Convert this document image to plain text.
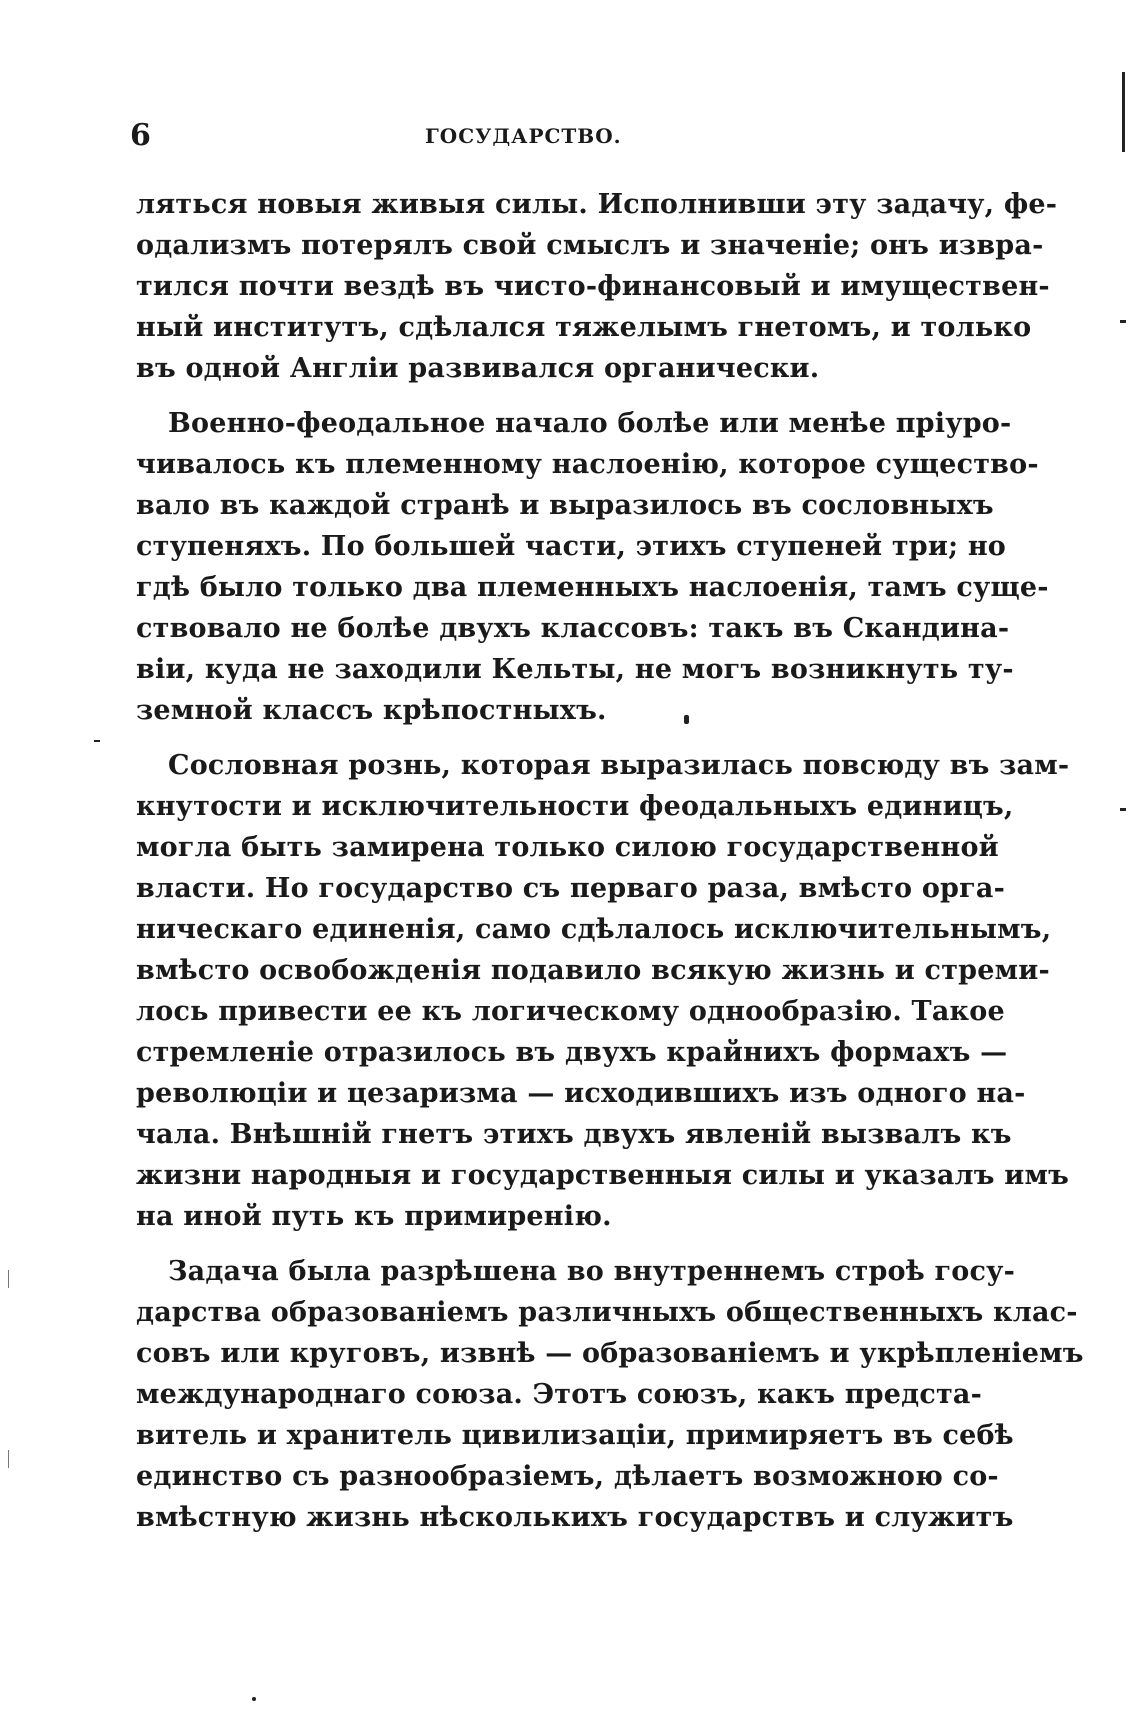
6	ГОСУДАРСТВО.
ляться новыя живыя силы. Исполнивши эту задачу, фе-
одализмъ потерялъ свой смыслъ и значеніе; онъ изврa-
тился почти вездѣ въ чисто-финансовый и имуществен-
ный институтъ, сдѣлался тяжелымъ гнетомъ, и только
въ одной Англіи развивался органически.
Военно-феодальное начало болѣе или менѣе пріуро-
чивалось къ племенному наслоенію, которое существо-
вало въ каждой странѣ и выразилось въ сословныхъ
ступеняхъ. По большей части, этихъ ступеней три; но
гдѣ было только два племенныхъ наслоенія, тамъ суще-
ствовало не болѣе двухъ классовъ: такъ въ Скандина-
віи, куда не заходили Кельты, не могъ возникнуть ту-
земной классъ крѣпостныхъ.
Сословная рознь, которая выразилась повсюду въ зам-
кнутости и исключительности феодальныхъ единицъ,
могла быть замирена только силою государственной
власти. Но государство съ перваго раза, вмѣсто орга-
ническаго единенія, само сдѣлалось исключительнымъ,
вмѣсто освобожденія подавило всякую жизнь и стреми-
лось привести ее къ логическому однообразію. Такое
стремленіе отразилось въ двухъ крайнихъ формахъ —
революціи и цезаризма — исходившихъ изъ одного на-
чала. Внѣшній гнетъ этихъ двухъ явленій вызвалъ къ
жизни народныя и государственныя силы и указалъ имъ
на иной путь къ примиренію.
Задача была разрѣшена во внутреннемъ строѣ госу-
дарства образованіемъ различныхъ общественныхъ клас-
совъ или круговъ, извнѣ — образованіемъ и укрѣпленіемъ
международнаго союза. Этотъ союзъ, какъ предста-
витель и хранитель цивилизаціи, примиряетъ въ себѣ
единство съ разнообразіемъ, дѣлаетъ возможною со-
вмѣстную жизнь нѣсколькихъ государствъ и служитъ
